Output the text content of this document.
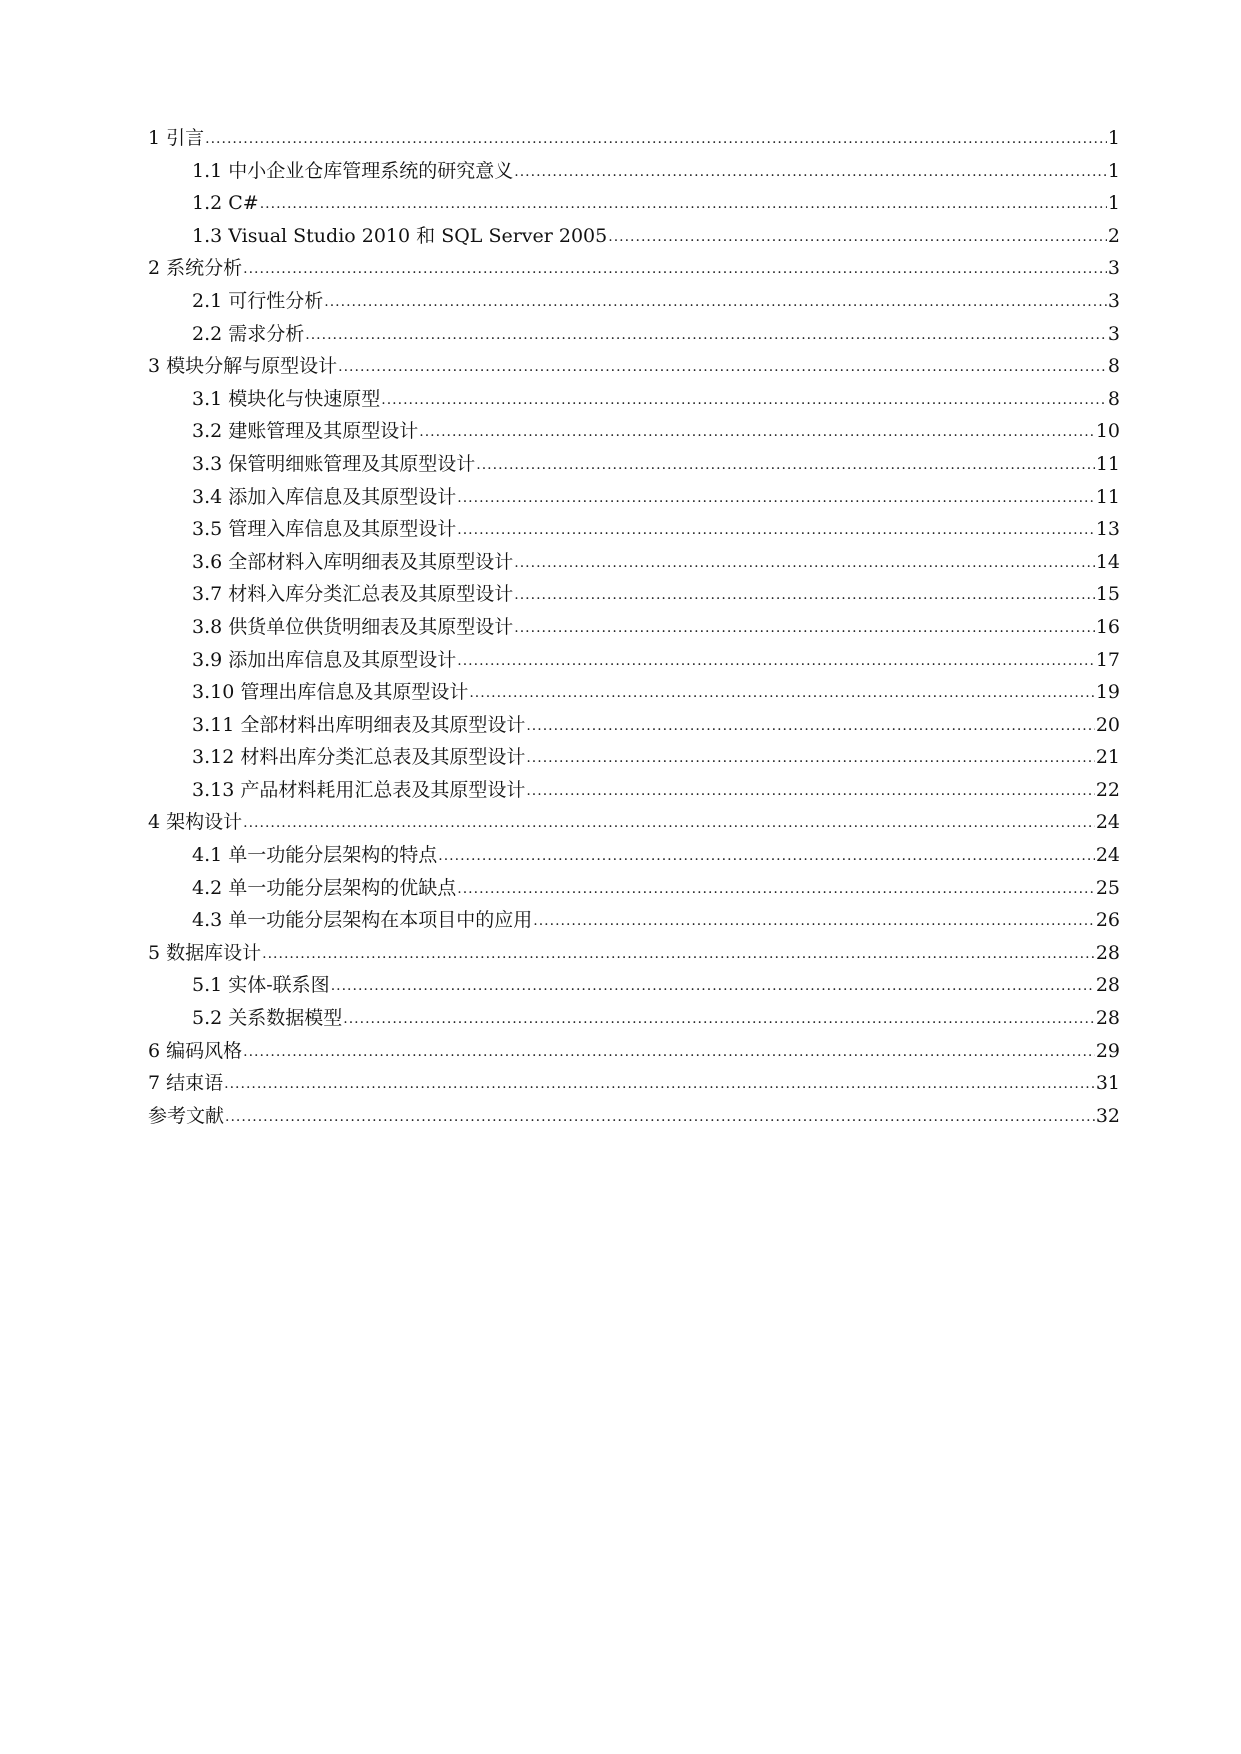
1 引言 .....	1
1.1 中小企业仓库管理系统的研究意义 .....	1
1.2 C# .....	1
1.3 Visual Studio 2010 和 SQL Server 2005 .....	2
2 系统分析 .....	3
2.1 可行性分析 .....	3
2.2 需求分析 .....	3
3 模块分解与原型设计 .....	8
3.1 模块化与快速原型 .....	8
3.2 建账管理及其原型设计 .....	10
3.3 保管明细账管理及其原型设计 .....	11
3.4 添加入库信息及其原型设计 .....	11
3.5 管理入库信息及其原型设计 .....	13
3.6 全部材料入库明细表及其原型设计 .....	14
3.7 材料入库分类汇总表及其原型设计 .....	15
3.8 供货单位供货明细表及其原型设计 .....	16
3.9 添加出库信息及其原型设计 .....	17
3.10 管理出库信息及其原型设计 .....	19
3.11 全部材料出库明细表及其原型设计 .....	20
3.12 材料出库分类汇总表及其原型设计 .....	21
3.13 产品材料耗用汇总表及其原型设计 .....	22
4 架构设计 .....	24
4.1 单一功能分层架构的特点 .....	24
4.2 单一功能分层架构的优缺点 .....	25
4.3 单一功能分层架构在本项目中的应用 .....	26
5 数据库设计 .....	28
5.1 实体-联系图 .....	28
5.2 关系数据模型 .....	28
6 编码风格 .....	29
7 结束语 .....	31
参考文献 .....	32
